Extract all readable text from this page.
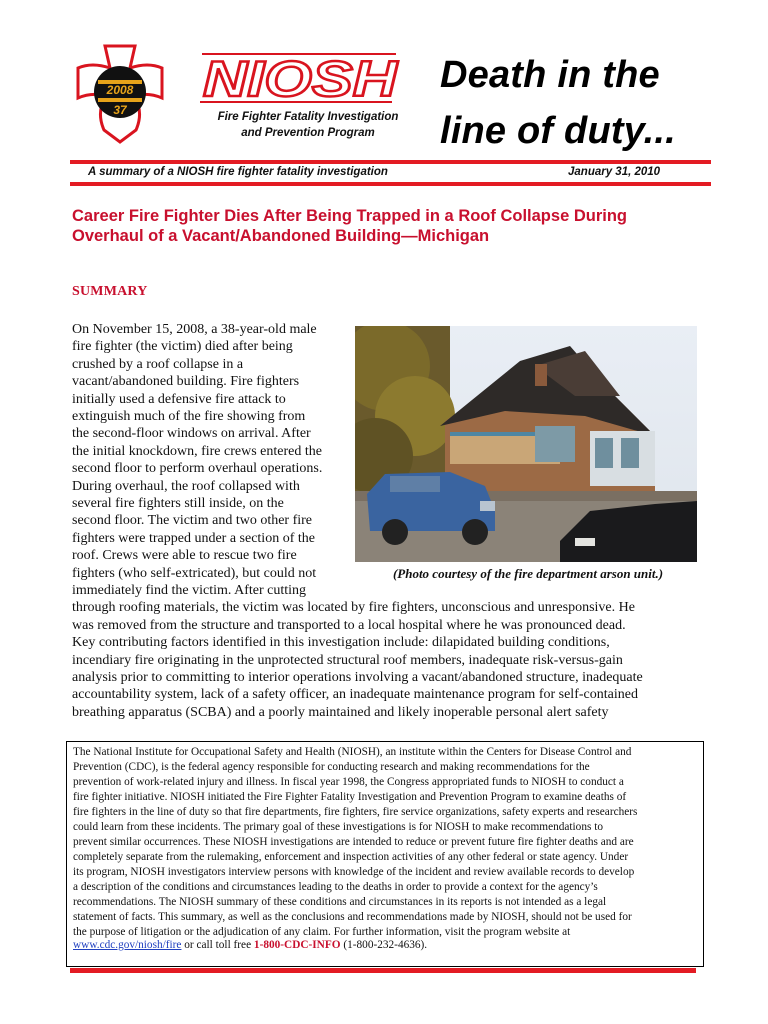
2008
37
NIOSH
Fire Fighter Fatality Investigation
and Prevention Program
Death in the
line of duty...
A summary of a NIOSH fire fighter fatality investigation	January 31, 2010
Career Fire Fighter Dies After Being Trapped in a Roof Collapse During
Overhaul of a Vacant/Abandoned Building—Michigan
SUMMARY
On November 15, 2008, a 38-year-old male
fire fighter (the victim) died after being
crushed by a roof collapse in a
vacant/abandoned building. Fire fighters
initially used a defensive fire attack to
extinguish much of the fire showing from
the second-floor windows on arrival. After
the initial knockdown, fire crews entered the
second floor to perform overhaul operations.
During overhaul, the roof collapsed with
several fire fighters still inside, on the
second floor. The victim and two other fire
fighters were trapped under a section of the
roof. Crews were able to rescue two fire
fighters (who self-extricated), but could not
immediately find the victim. After cutting
through roofing materials, the victim was located by fire fighters, unconscious and unresponsive. He
was removed from the structure and transported to a local hospital where he was pronounced dead.
Key contributing factors identified in this investigation include: dilapidated building conditions,
incendiary fire originating in the unprotected structural roof members, inadequate risk-versus-gain
analysis prior to committing to interior operations involving a vacant/abandoned structure, inadequate
accountability system, lack of a safety officer, an inadequate maintenance program for self-contained
breathing apparatus (SCBA) and a poorly maintained and likely inoperable personal alert safety
(Photo courtesy of the fire department arson unit.)
The National Institute for Occupational Safety and Health (NIOSH), an institute within the Centers for Disease Control and
Prevention (CDC), is the federal agency responsible for conducting research and making recommendations for the
prevention of work-related injury and illness. In fiscal year 1998, the Congress appropriated funds to NIOSH to conduct a
fire fighter initiative. NIOSH initiated the Fire Fighter Fatality Investigation and Prevention Program to examine deaths of
fire fighters in the line of duty so that fire departments, fire fighters, fire service organizations, safety experts and researchers
could learn from these incidents. The primary goal of these investigations is for NIOSH to make recommendations to
prevent similar occurrences. These NIOSH investigations are intended to reduce or prevent future fire fighter deaths and are
completely separate from the rulemaking, enforcement and inspection activities of any other federal or state agency. Under
its program, NIOSH investigators interview persons with knowledge of the incident and review available records to develop
a description of the conditions and circumstances leading to the deaths in order to provide a context for the agency’s
recommendations. The NIOSH summary of these conditions and circumstances in its reports is not intended as a legal
statement of facts. This summary, as well as the conclusions and recommendations made by NIOSH, should not be used for
the purpose of litigation or the adjudication of any claim. For further information, visit the program website at
www.cdc.gov/niosh/fire or call toll free 1-800-CDC-INFO (1-800-232-4636).
